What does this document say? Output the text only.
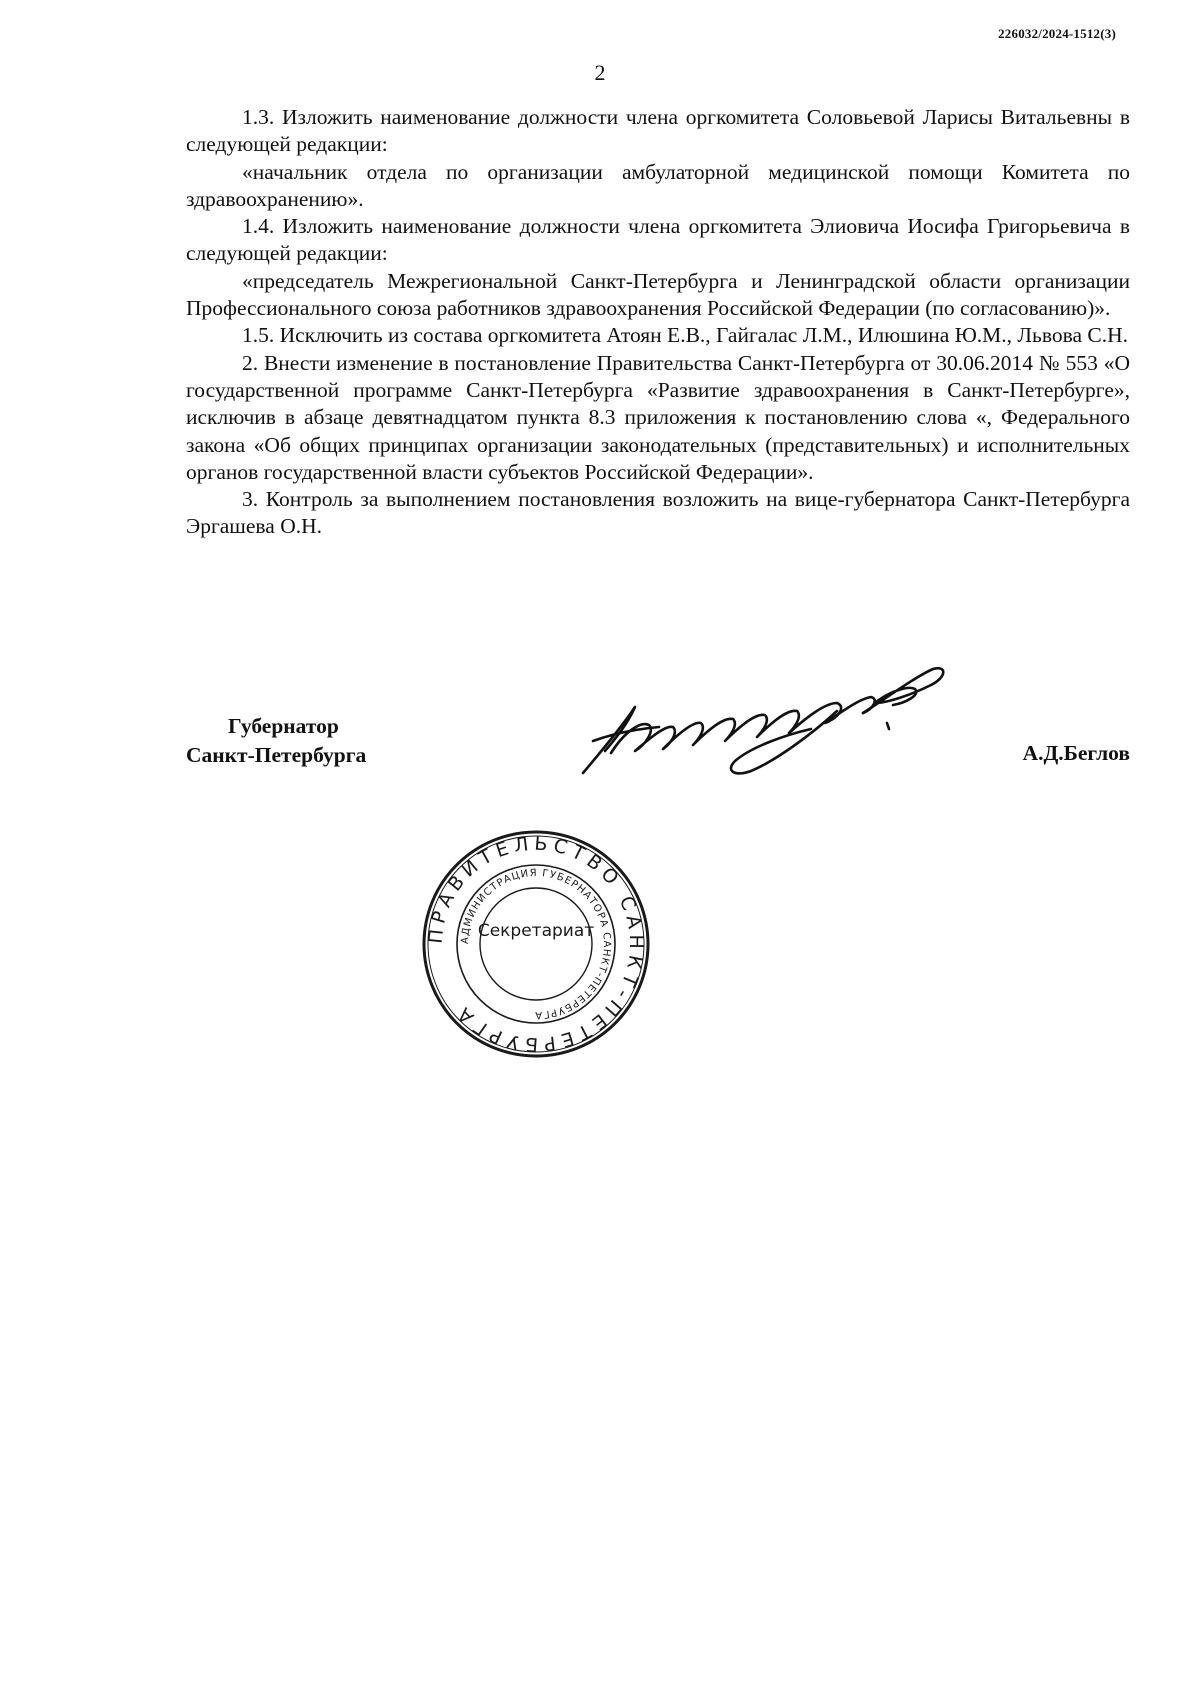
226032/2024-1512(3)
2

1.3. Изложить наименование должности члена оргкомитета Соловьевой Ларисы Витальевны в следующей редакции:

«начальник отдела по организации амбулаторной медицинской помощи Комитета по здравоохранению».

1.4. Изложить наименование должности члена оргкомитета Элиовича Иосифа Григорьевича в следующей редакции:

«председатель Межрегиональной Санкт-Петербурга и Ленинградской области организации Профессионального союза работников здравоохранения Российской Федерации (по согласованию)».

1.5. Исключить из состава оргкомитета Атоян Е.В., Гайгалас Л.М., Илюшина Ю.М., Львова С.Н.

2. Внести изменение в постановление Правительства Санкт-Петербурга от 30.06.2014 № 553 «О государственной программе Санкт-Петербурга «Развитие здравоохранения в Санкт-Петербурге», исключив в абзаце девятнадцатом пункта 8.3 приложения к постановлению слова «, Федерального закона «Об общих принципах организации законодательных (представительных) и исполнительных органов государственной власти субъектов Российской Федерации».

3. Контроль за выполнением постановления возложить на вице-губернатора Санкт-Петербурга Эргашева О.Н.

Губернатор
Санкт-Петербурга	А.Д.Беглов
ПРАВИТЕЛЬСТВО САНКТ-ПЕТЕРБУРГА
АДМИНИСТРАЦИЯ ГУБЕРНАТОРА САНКТ-ПЕТЕРБУРГА
Секретариат
